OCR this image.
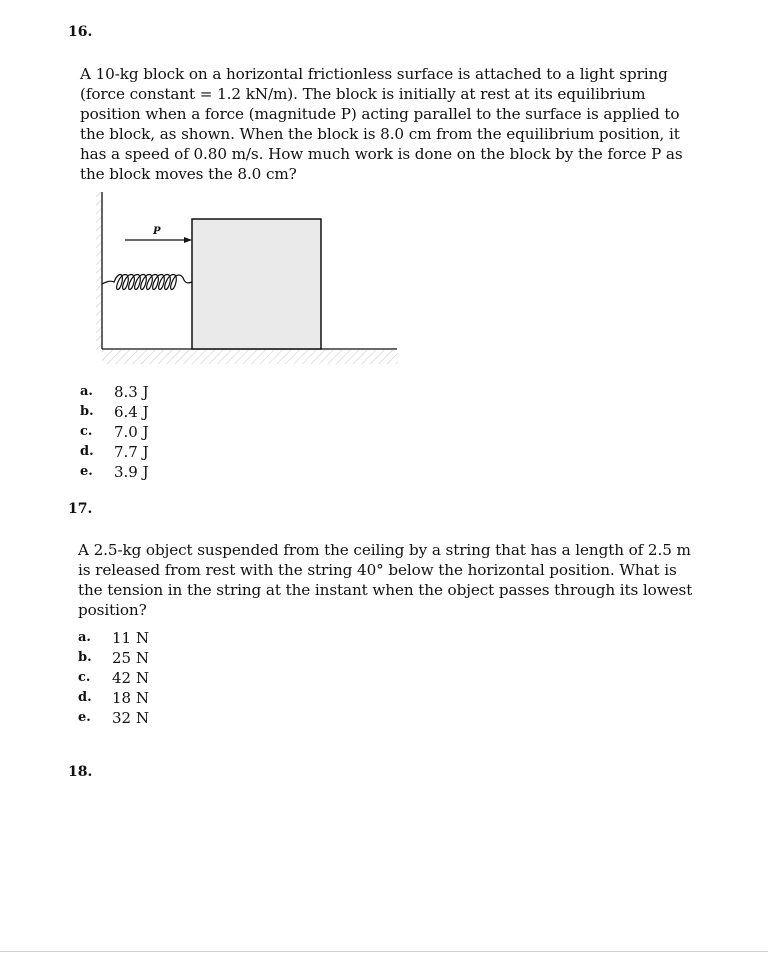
16.
A 10-kg block on a horizontal frictionless surface is attached to a light spring
(force constant = 1.2 kN/m). The block is initially at rest at its equilibrium
position when a force (magnitude P) acting parallel to the surface is applied to
the block, as shown. When the block is 8.0 cm from the equilibrium position, it
has a speed of 0.80 m/s. How much work is done on the block by the force P as
the block moves the 8.0 cm?
P
a. 8.3 J
b. 6.4 J
c. 7.0 J
d. 7.7 J
e. 3.9 J
17.
A 2.5-kg object suspended from the ceiling by a string that has a length of 2.5 m
is released from rest with the string 40° below the horizontal position. What is
the tension in the string at the instant when the object passes through its lowest
position?
a. 11 N
b. 25 N
c. 42 N
d. 18 N
e. 32 N
18.
